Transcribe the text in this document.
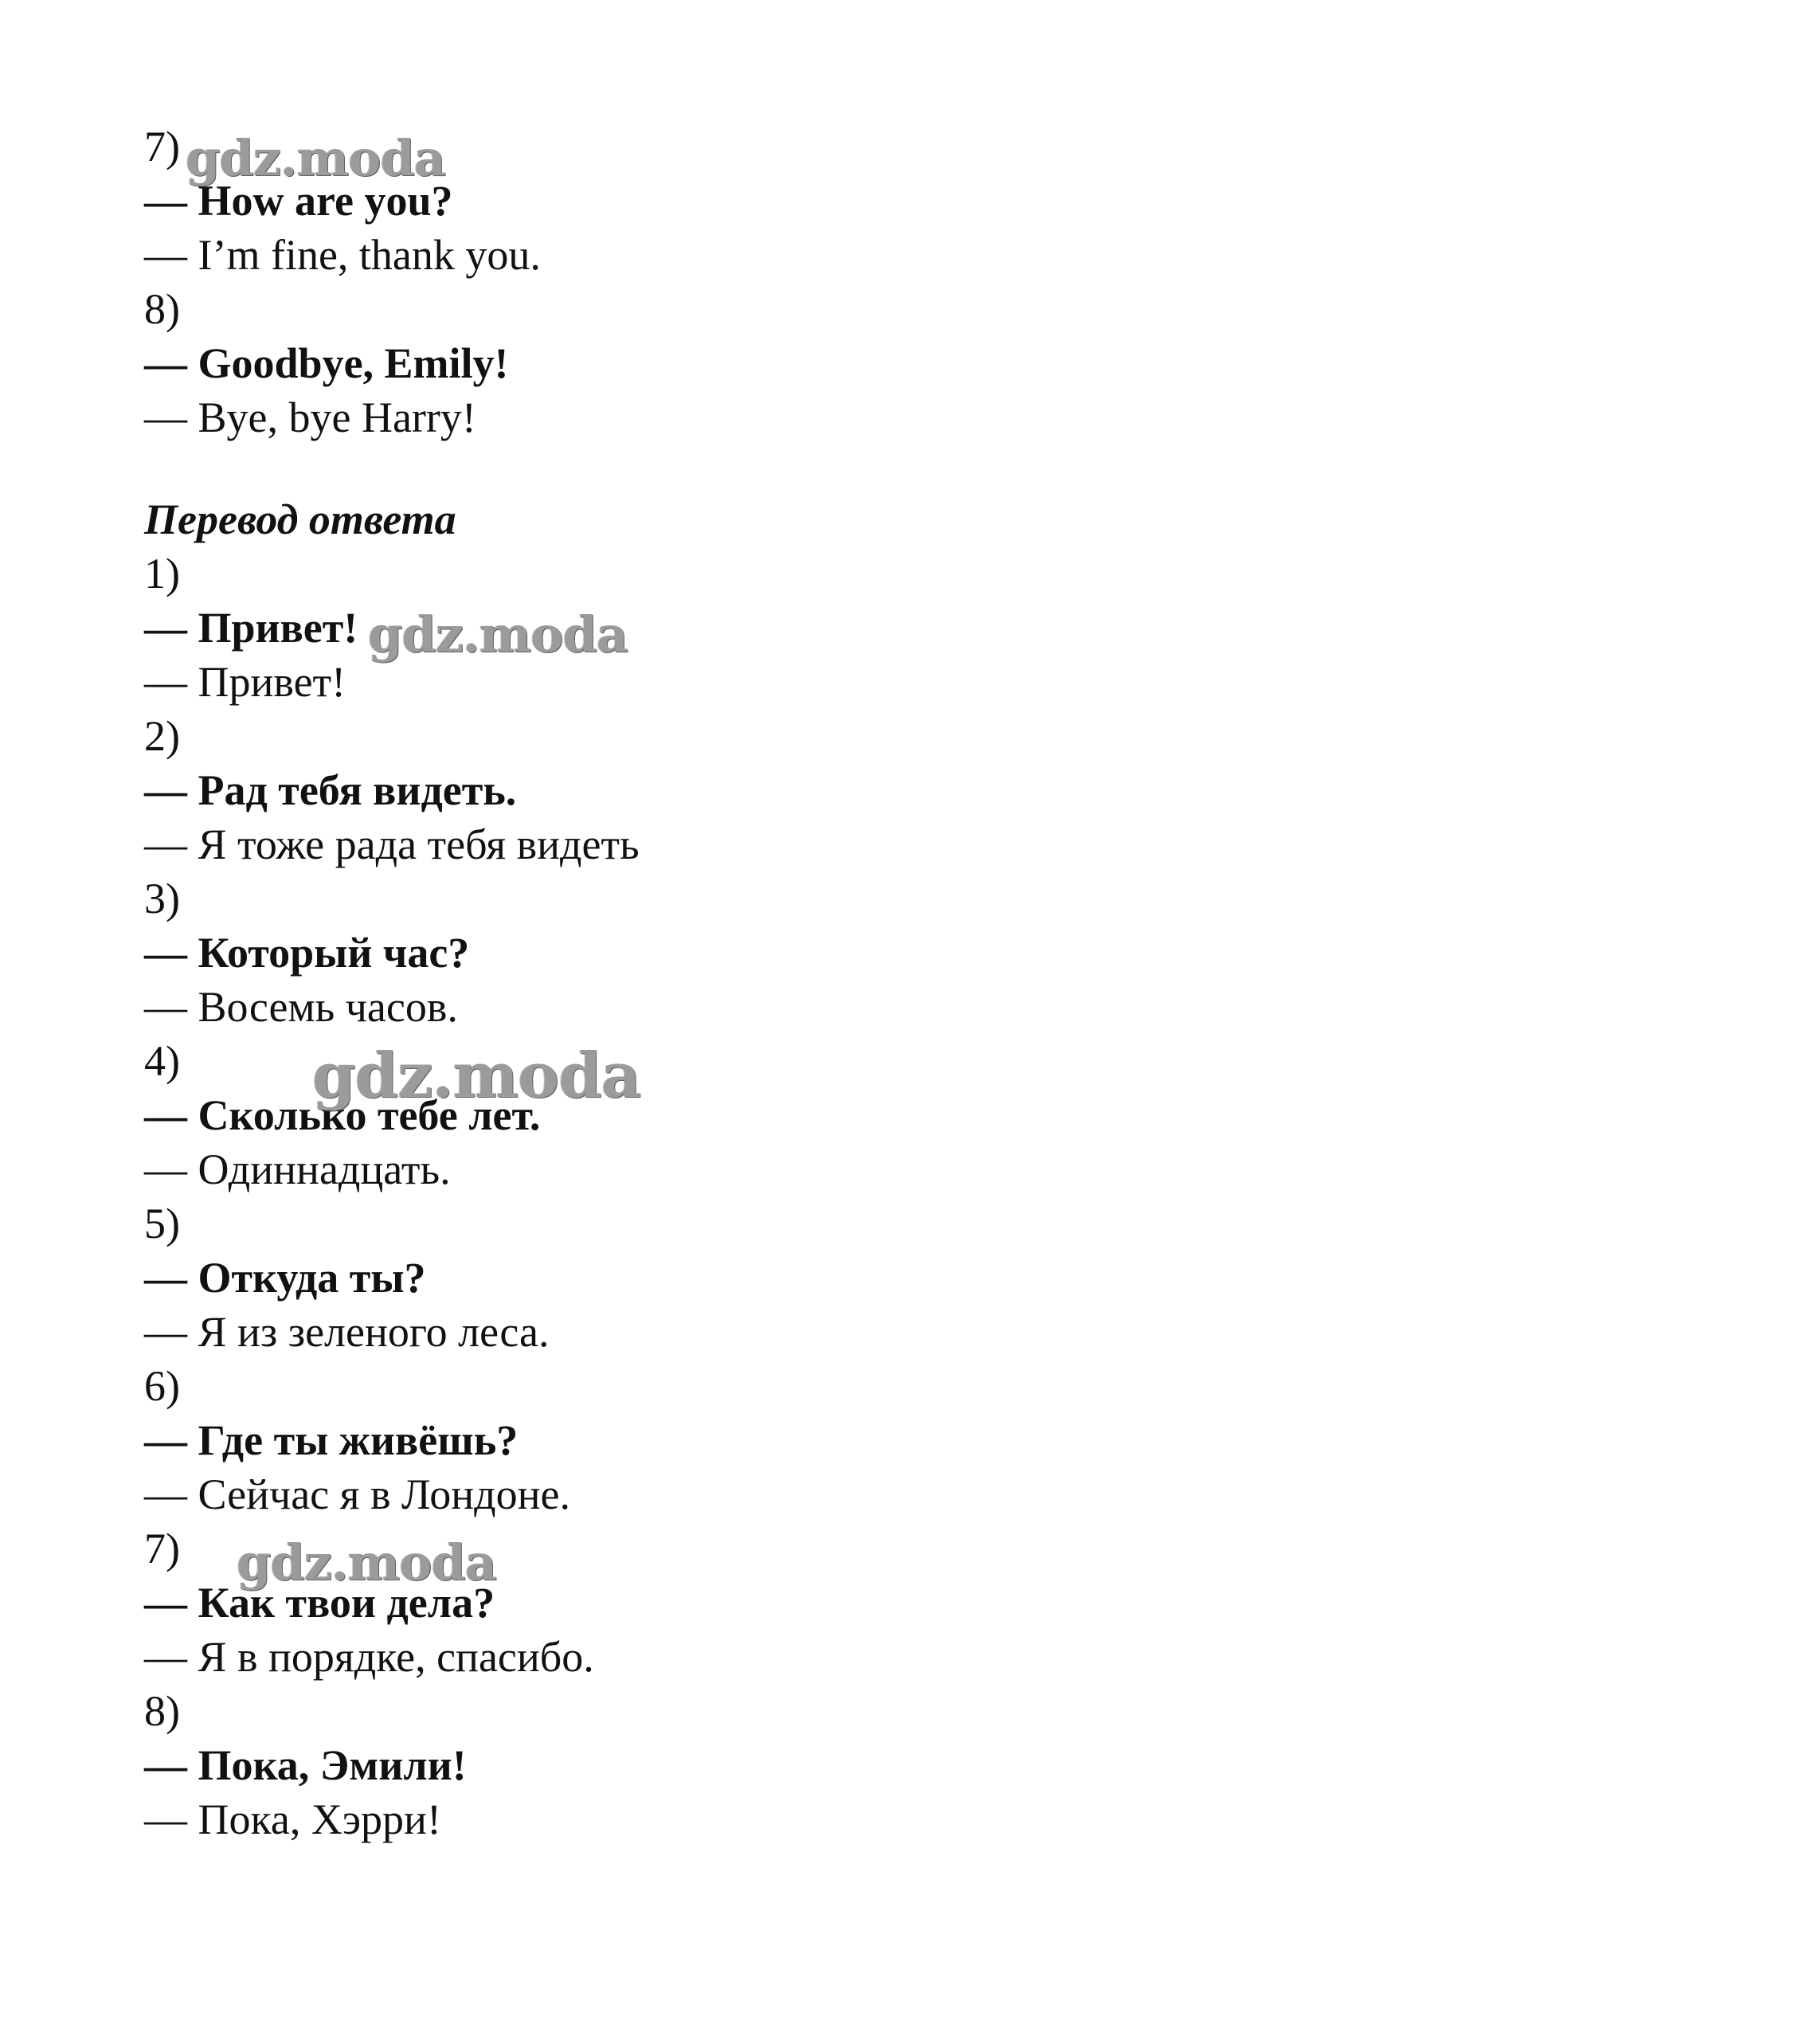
7)
— How are you?
— I’m fine, thank you.
8)
— Goodbye, Emily!
— Bye, bye Harry!
Перевод ответа
1)
— Привет!
— Привет!
2)
— Рад тебя видеть.
— Я тоже рада тебя видеть
3)
— Который час?
— Восемь часов.
4)
— Сколько тебе лет.
— Одиннадцать.
5)
— Откуда ты?
— Я из зеленого леса.
6)
— Где ты живёшь?
— Сейчас я в Лондоне.
7)
— Как твои дела?
— Я в порядке, спасибо.
8)
— Пока, Эмили!
— Пока, Хэрри!
gdz.moda
gdz.moda
gdz.moda
gdz.moda
